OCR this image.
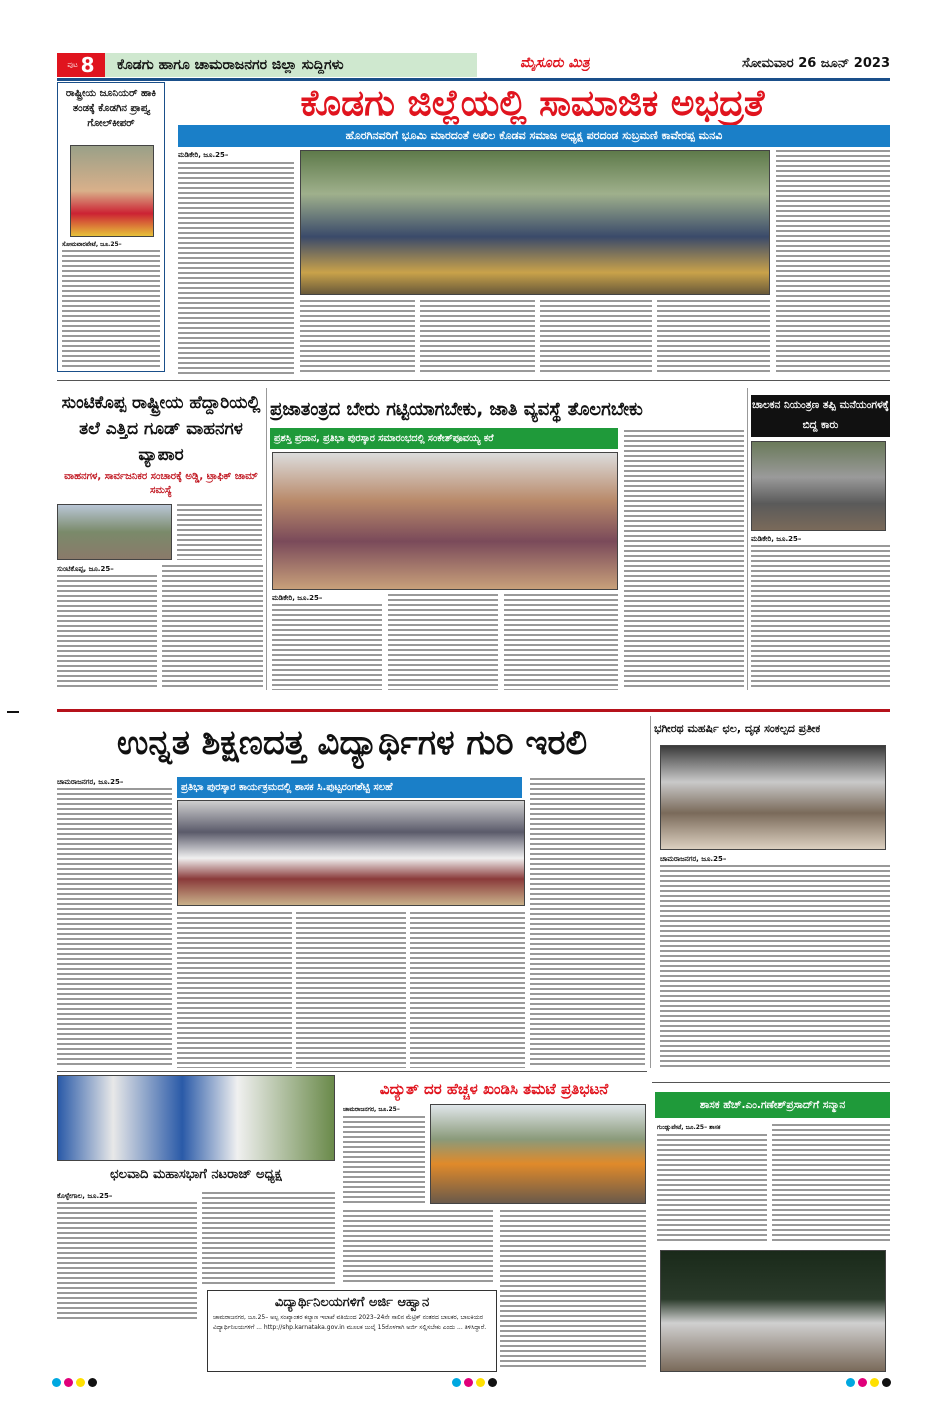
ಪುಟ 8	ಕೊಡಗು ಹಾಗೂ ಚಾಮರಾಜನಗರ ಜಿಲ್ಲಾ ಸುದ್ದಿಗಳು	ಮೈಸೂರು ಮಿತ್ರ	ಸೋಮವಾರ 26 ಜೂನ್ 2023
ರಾಷ್ಟ್ರೀಯ ಜೂನಿಯರ್ ಹಾಕಿ ತಂಡಕ್ಕೆ ಕೊಡಗಿನ ಪ್ರಾಪ್ತ್ಯ ಗೋಲ್‌ಕೀಪರ್
ಸೋಮವಾರಪೇಟೆ, ಜೂ.25–
ಕೊಡಗು ಜಿಲ್ಲೆಯಲ್ಲಿ ಸಾಮಾಜಿಕ ಅಭದ್ರತೆ
ಹೊರಗಿನವರಿಗೆ ಭೂಮಿ ಮಾರದಂತೆ ಅಖಿಲ ಕೊಡವ ಸಮಾಜ ಅಧ್ಯಕ್ಷ ಪರದಂಡ ಸುಬ್ರಮಣಿ ಕಾವೇರಪ್ಪ ಮನವಿ
ಮಡಿಕೇರಿ, ಜೂ.25–
ಸುಂಟಿಕೊಪ್ಪ ರಾಷ್ಟ್ರೀಯ ಹೆದ್ದಾರಿಯಲ್ಲಿ ತಲೆ ಎತ್ತಿದ ಗೂಡ್ ವಾಹನಗಳ ವ್ಯಾಪಾರ
ವಾಹನಗಳ, ಸಾರ್ವಜನಿಕರ ಸಂಚಾರಕ್ಕೆ ಅಡ್ಡಿ, ಟ್ರಾಫಿಕ್ ಜಾಮ್ ಸಮಸ್ಯೆ
ಸುಂಟಿಕೊಪ್ಪ, ಜೂ.25–
ಪ್ರಜಾತಂತ್ರದ ಬೇರು ಗಟ್ಟಿಯಾಗಬೇಕು, ಜಾತಿ ವ್ಯವಸ್ಥೆ ತೊಲಗಬೇಕು
ಪ್ರಶಸ್ತಿ ಪ್ರದಾನ, ಪ್ರತಿಭಾ ಪುರಸ್ಕಾರ ಸಮಾರಂಭದಲ್ಲಿ ಸಂಕೇತ್‌ಪೂವಯ್ಯ ಕರೆ
ಮಡಿಕೇರಿ, ಜೂ.25–
ಚಾಲಕನ ನಿಯಂತ್ರಣ ತಪ್ಪಿ ಮನೆಯಂಗಳಕ್ಕೆ ಬಿದ್ದ ಕಾರು
ಮಡಿಕೇರಿ, ಜೂ.25–
ಉನ್ನತ ಶಿಕ್ಷಣದತ್ತ ವಿದ್ಯಾರ್ಥಿಗಳ ಗುರಿ ಇರಲಿ
ಚಾಮರಾಜನಗರ, ಜೂ.25–	ಪ್ರತಿಭಾ ಪುರಸ್ಕಾರ ಕಾರ್ಯಕ್ರಮದಲ್ಲಿ ಶಾಸಕ ಸಿ.ಪುಟ್ಟರಂಗಶೆಟ್ಟಿ ಸಲಹೆ
ಭಗೀರಥ ಮಹರ್ಷಿ ಛಲ, ದೃಢ ಸಂಕಲ್ಪದ ಪ್ರತೀಕ
ಚಾಮರಾಜನಗರ, ಜೂ.25–
ಛಲವಾದಿ ಮಹಾಸಭಾಗೆ ನಟರಾಜ್ ಅಧ್ಯಕ್ಷ
ಕೊಳ್ಳೇಗಾಲ, ಜೂ.25–
ವಿದ್ಯುತ್ ದರ ಹೆಚ್ಚಳ ಖಂಡಿಸಿ ತಮಟೆ ಪ್ರತಿಭಟನೆ
ಚಾಮರಾಜನಗರ, ಜೂ.25–
ವಿದ್ಯಾರ್ಥಿನಿಲಯಗಳಿಗೆ ಅರ್ಜಿ ಆಹ್ವಾನ
ಚಾಮರಾಜನಗರ, ಜೂ.25– ಅಲ್ಪ ಸಂಖ್ಯಾಂತರ ಕಲ್ಯಾಣ ಇಲಾಖೆ ವತಿಯಿಂದ 2023–24ನೇ ಸಾಲಿನ ಮೆಟ್ರಿಕ್ ನಂತರದ ಬಾಲಕರ, ಬಾಲಕಿಯರ ವಿದ್ಯಾರ್ಥಿನಿಲಯಗಳಿಗೆ ... http://shp.karnataka.gov.in ಮೂಲಕ ಜುಲೈ 15ರೊಳಗಾಗಿ ಅರ್ಜಿ ಸಲ್ಲಿಸಬೇಕು ಎಂದು ... ತಿಳಿಸಿದ್ದಾರೆ.
ಶಾಸಕ ಹೆಚ್.ಎಂ.ಗಣೇಶ್‌ಪ್ರಸಾದ್‌ಗೆ ಸನ್ಮಾನ
ಗುಂಡ್ಲುಪೇಟೆ, ಜೂ.25– ಶಾಸಕ
